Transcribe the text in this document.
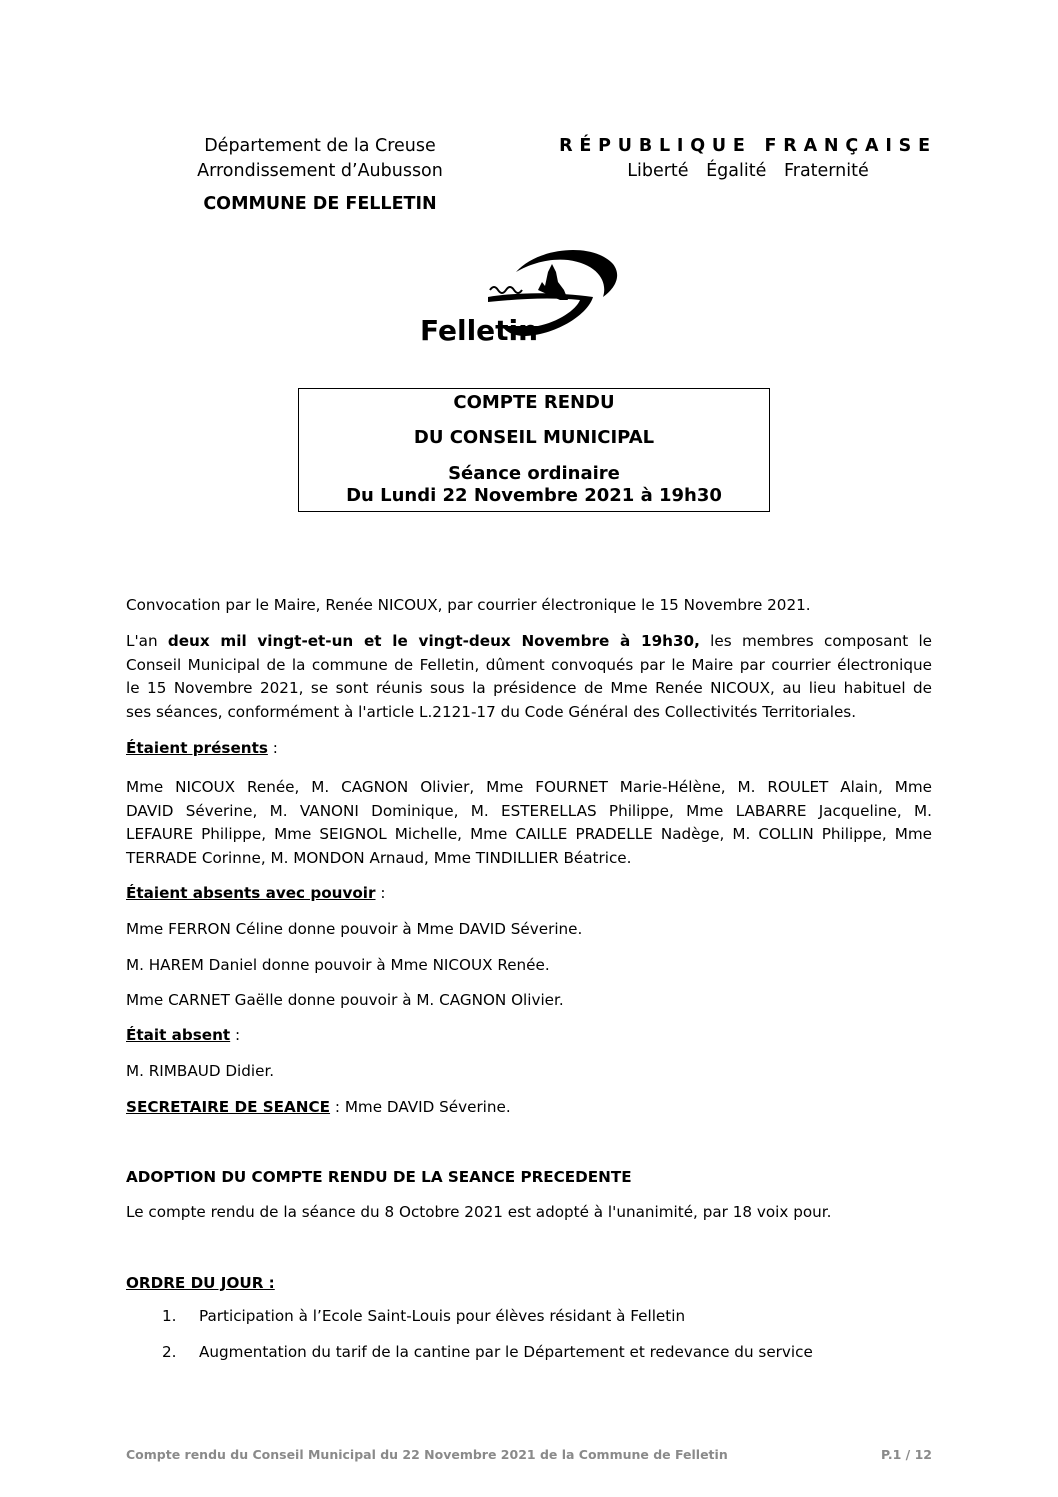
Département de la Creuse
Arrondissement d’Aubusson
COMMUNE DE FELLETIN
RÉPUBLIQUE FRANÇAISE
Liberté Égalité Fraternité
Felletin
COMPTE RENDU
DU CONSEIL MUNICIPAL
Séance ordinaire
Du Lundi 22 Novembre 2021 à 19h30
Convocation par le Maire, Renée NICOUX, par courrier électronique le 15 Novembre 2021.
L'an deux mil vingt-et-un et le vingt-deux Novembre à 19h30, les membres composant le
Conseil Municipal de la commune de Felletin, dûment convoqués par le Maire par courrier électronique
le 15 Novembre 2021, se sont réunis sous la présidence de Mme Renée NICOUX, au lieu habituel de
ses séances, conformément à l'article L.2121-17 du Code Général des Collectivités Territoriales.
Étaient présents :
Mme NICOUX Renée, M. CAGNON Olivier, Mme FOURNET Marie-Hélène, M. ROULET Alain, Mme
DAVID Séverine, M. VANONI Dominique, M. ESTERELLAS Philippe, Mme LABARRE Jacqueline, M.
LEFAURE Philippe, Mme SEIGNOL Michelle, Mme CAILLE PRADELLE Nadège, M. COLLIN Philippe, Mme
TERRADE Corinne, M. MONDON Arnaud, Mme TINDILLIER Béatrice.
Étaient absents avec pouvoir :
Mme FERRON Céline donne pouvoir à Mme DAVID Séverine.
M. HAREM Daniel donne pouvoir à Mme NICOUX Renée.
Mme CARNET Gaëlle donne pouvoir à M. CAGNON Olivier.
Était absent :
M. RIMBAUD Didier.
SECRETAIRE DE SEANCE : Mme DAVID Séverine.
ADOPTION DU COMPTE RENDU DE LA SEANCE PRECEDENTE
Le compte rendu de la séance du 8 Octobre 2021 est adopté à l'unanimité, par 18 voix pour.
ORDRE DU JOUR :
1. Participation à l’Ecole Saint-Louis pour élèves résidant à Felletin
2. Augmentation du tarif de la cantine par le Département et redevance du service
Compte rendu du Conseil Municipal du 22 Novembre 2021 de la Commune de Felletin	P.1 / 12
